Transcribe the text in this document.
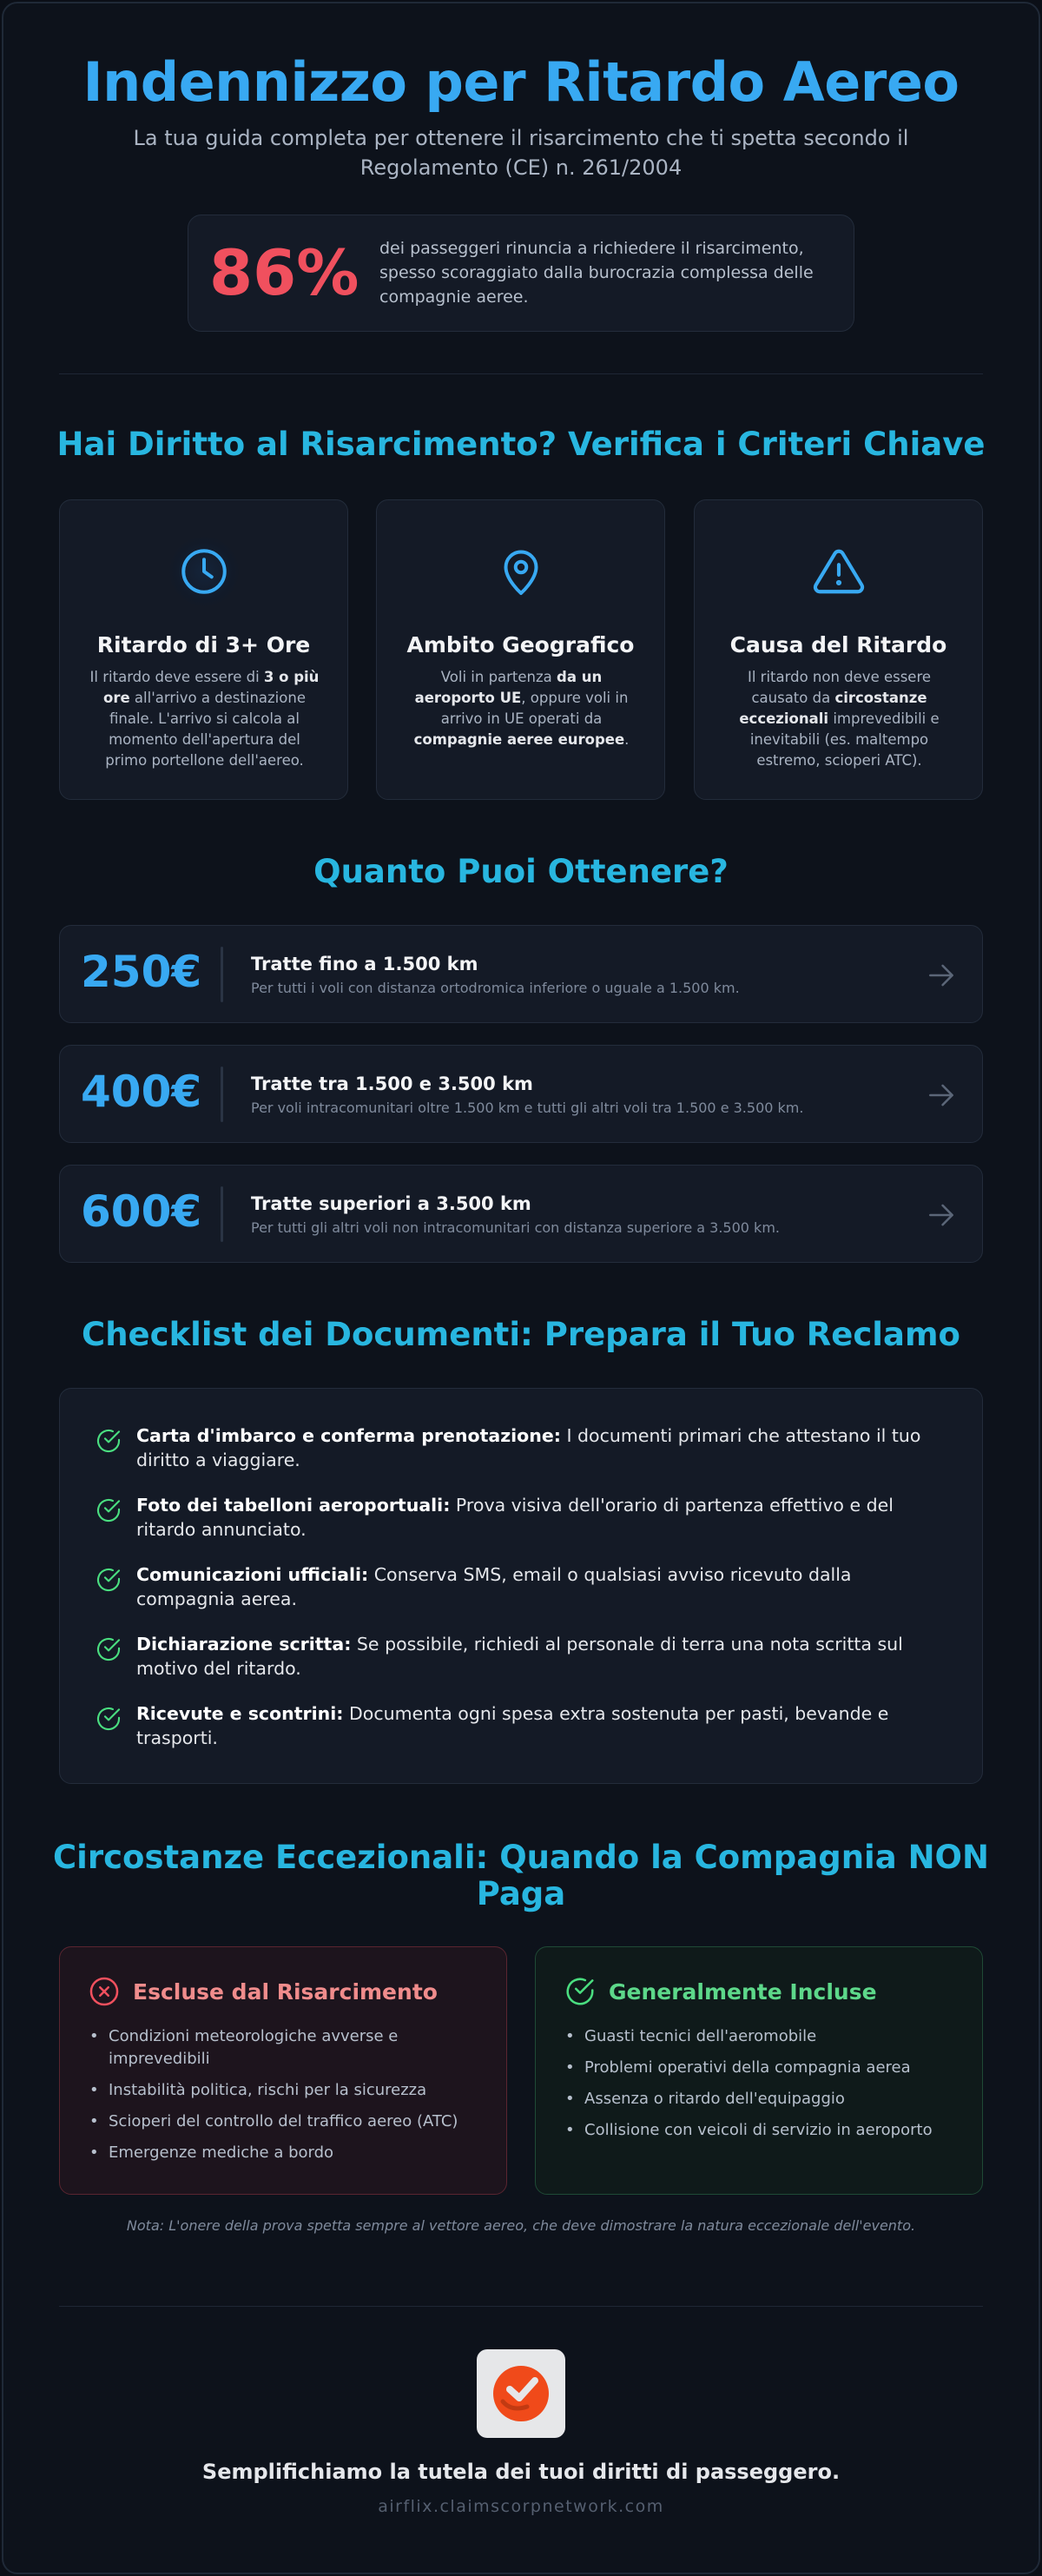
Indennizzo per Ritardo Aereo

La tua guida completa per ottenere il risarcimento che ti spetta secondo il Regolamento (CE) n. 261/2004

86% dei passeggeri rinuncia a richiedere il risarcimento, spesso scoraggiato dalla burocrazia complessa delle compagnie aeree.
Hai Diritto al Risarcimento? Verifica i Criteri Chiave
Ritardo di 3+ Ore
Il ritardo deve essere di 3 o più ore all'arrivo a destinazione finale. L'arrivo si calcola al momento dell'apertura del primo portellone dell'aereo.
Ambito Geografico
Voli in partenza da un aeroporto UE, oppure voli in arrivo in UE operati da compagnie aeree europee.
Causa del Ritardo
Il ritardo non deve essere causato da circostanze eccezionali imprevedibili e inevitabili (es. maltempo estremo, scioperi ATC).
Quanto Puoi Ottenere?
250€	Tratte fino a 1.500 km
Per tutti i voli con distanza ortodromica inferiore o uguale a 1.500 km.
400€	Tratte tra 1.500 e 3.500 km
Per voli intracomunitari oltre 1.500 km e tutti gli altri voli tra 1.500 e 3.500 km.
600€	Tratte superiori a 3.500 km
Per tutti gli altri voli non intracomunitari con distanza superiore a 3.500 km.
Checklist dei Documenti: Prepara il Tuo Reclamo
Carta d'imbarco e conferma prenotazione: I documenti primari che attestano il tuo diritto a viaggiare.
Foto dei tabelloni aeroportuali: Prova visiva dell'orario di partenza effettivo e del ritardo annunciato.
Comunicazioni ufficiali: Conserva SMS, email o qualsiasi avviso ricevuto dalla compagnia aerea.
Dichiarazione scritta: Se possibile, richiedi al personale di terra una nota scritta sul motivo del ritardo.
Ricevute e scontrini: Documenta ogni spesa extra sostenuta per pasti, bevande e trasporti.
Circostanze Eccezionali: Quando la Compagnia NON Paga
Escluse dal Risarcimento
• Condizioni meteorologiche avverse e imprevedibili
• Instabilità politica, rischi per la sicurezza
• Scioperi del controllo del traffico aereo (ATC)
• Emergenze mediche a bordo
Generalmente Incluse
• Guasti tecnici dell'aeromobile
• Problemi operativi della compagnia aerea
• Assenza o ritardo dell'equipaggio
• Collisione con veicoli di servizio in aeroporto

Nota: L'onere della prova spetta sempre al vettore aereo, che deve dimostrare la natura eccezionale dell'evento.

Semplifichiamo la tutela dei tuoi diritti di passeggero.
airflix.claimscorpnetwork.com
